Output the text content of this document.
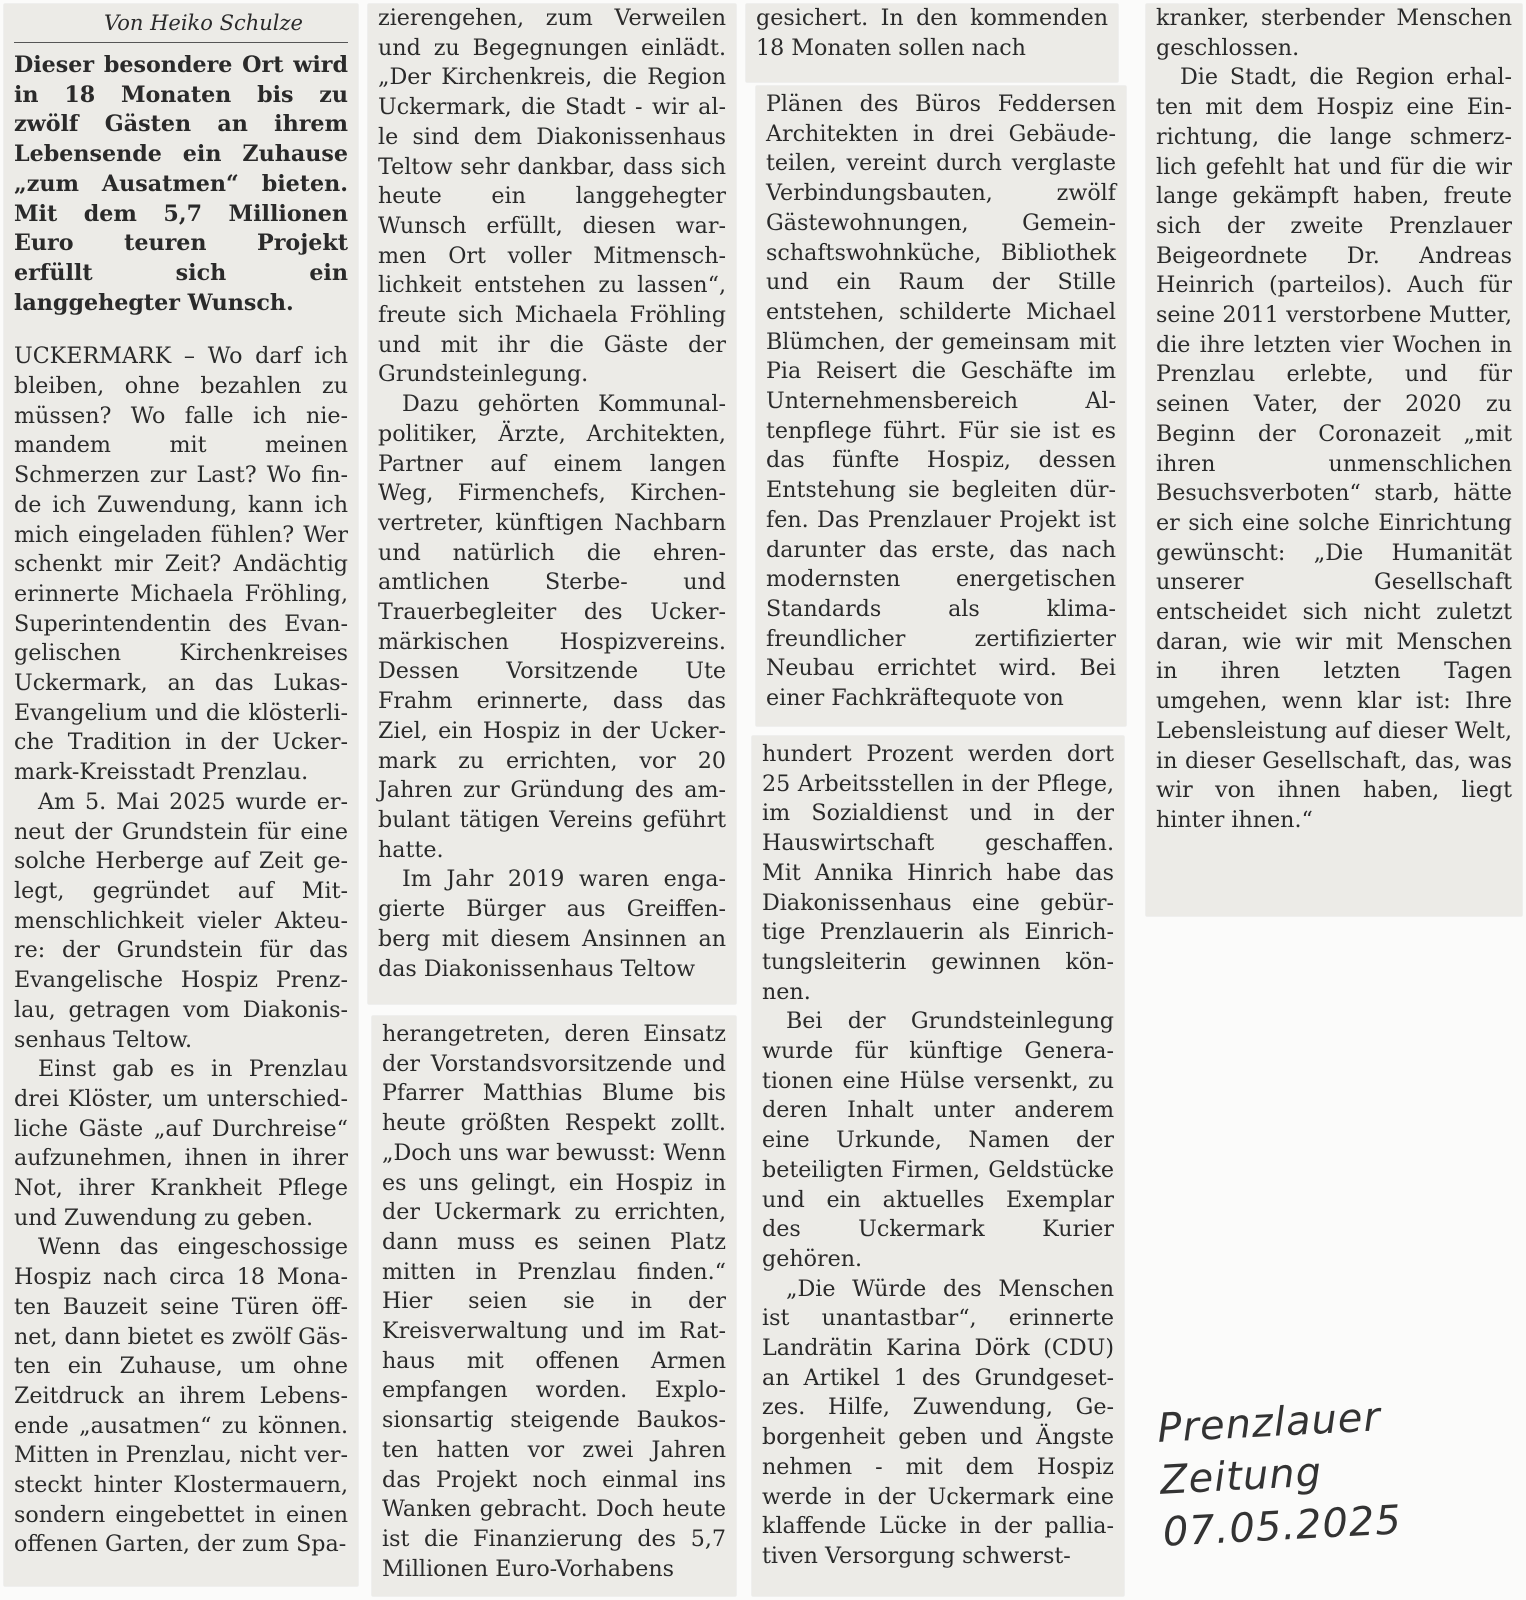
Von Heiko Schulze

Dieser besondere Ort wird in 18 Monaten bis zu zwölf Gästen an ihrem Lebensende ein Zuhause „zum Ausatmen“ bieten. Mit dem 5,7 Millionen Euro teuren Projekt erfüllt sich ein langgehegter Wunsch.

UCKERMARK – Wo darf ich bleiben, ohne bezahlen zu müssen? Wo falle ich niemandem mit meinen Schmerzen zur Last? Wo finde ich Zuwendung, kann ich mich eingeladen fühlen? Wer schenkt mir Zeit? Andächtig erinnerte Michaela Fröhling, Superintendentin des Evangelischen Kirchenkreises Uckermark, an das Lukas-Evangelium und die klösterliche Tradition in der Uckermark-Kreisstadt Prenzlau.

Am 5. Mai 2025 wurde erneut der Grundstein für eine solche Herberge auf Zeit gelegt, gegründet auf Mitmenschlichkeit vieler Akteure: der Grundstein für das Evangelische Hospiz Prenzlau, getragen vom Diakonissenhaus Teltow.

Einst gab es in Prenzlau drei Klöster, um unterschiedliche Gäste „auf Durchreise“ aufzunehmen, ihnen in ihrer Not, ihrer Krankheit Pflege und Zuwendung zu geben.

Wenn das eingeschossige Hospiz nach circa 18 Monaten Bauzeit seine Türen öffnet, dann bietet es zwölf Gästen ein Zuhause, um ohne Zeitdruck an ihrem Lebensende „ausatmen“ zu können. Mitten in Prenzlau, nicht versteckt hinter Klostermauern, sondern eingebettet in einen offenen Garten, der zum Spa-

zierengehen, zum Verweilen und zu Begegnungen einlädt. „Der Kirchenkreis, die Region Uckermark, die Stadt - wir alle sind dem Diakonissenhaus Teltow sehr dankbar, dass sich heute ein langgehegter Wunsch erfüllt, diesen warmen Ort voller Mitmenschlichkeit entstehen zu lassen“, freute sich Michaela Fröhling und mit ihr die Gäste der Grundsteinlegung.

Dazu gehörten Kommunalpolitiker, Ärzte, Architekten, Partner auf einem langen Weg, Firmenchefs, Kirchenvertreter, künftigen Nachbarn und natürlich die ehrenamtlichen Sterbe- und Trauerbegleiter des Uckermärkischen Hospizvereins. Dessen Vorsitzende Ute Frahm erinnerte, dass das Ziel, ein Hospiz in der Uckermark zu errichten, vor 20 Jahren zur Gründung des ambulant tätigen Vereins geführt hatte.

Im Jahr 2019 waren engagierte Bürger aus Greiffenberg mit diesem Ansinnen an das Diakonissenhaus Teltow

herangetreten, deren Einsatz der Vorstandsvorsitzende und Pfarrer Matthias Blume bis heute größten Respekt zollt. „Doch uns war bewusst: Wenn es uns gelingt, ein Hospiz in der Uckermark zu errichten, dann muss es seinen Platz mitten in Prenzlau finden.“ Hier seien sie in der Kreisverwaltung und im Rathaus mit offenen Armen empfangen worden. Explosionsartig steigende Baukosten hatten vor zwei Jahren das Projekt noch einmal ins Wanken gebracht. Doch heute ist die Finanzierung des 5,7 Millionen Euro-Vorhabens

gesichert. In den kommenden 18 Monaten sollen nach

Plänen des Büros Feddersen Architekten in drei Gebäudeteilen, vereint durch verglaste Verbindungsbauten, zwölf Gästewohnungen, Gemeinschaftswohnküche, Bibliothek und ein Raum der Stille entstehen, schilderte Michael Blümchen, der gemeinsam mit Pia Reisert die Geschäfte im Unternehmensbereich Altenpflege führt. Für sie ist es das fünfte Hospiz, dessen Entstehung sie begleiten dürfen. Das Prenzlauer Projekt ist darunter das erste, das nach modernsten energetischen Standards als klimafreundlicher zertifizierter Neubau errichtet wird. Bei einer Fachkräftequote von

hundert Prozent werden dort 25 Arbeitsstellen in der Pflege, im Sozialdienst und in der Hauswirtschaft geschaffen. Mit Annika Hinrich habe das Diakonissenhaus eine gebürtige Prenzlauerin als Einrichtungsleiterin gewinnen können.

Bei der Grundsteinlegung wurde für künftige Generationen eine Hülse versenkt, zu deren Inhalt unter anderem eine Urkunde, Namen der beteiligten Firmen, Geldstücke und ein aktuelles Exemplar des Uckermark Kurier gehören.

„Die Würde des Menschen ist unantastbar“, erinnerte Landrätin Karina Dörk (CDU) an Artikel 1 des Grundgesetzes. Hilfe, Zuwendung, Geborgenheit geben und Ängste nehmen - mit dem Hospiz werde in der Uckermark eine klaffende Lücke in der palliativen Versorgung schwerst-

kranker, sterbender Menschen geschlossen.

Die Stadt, die Region erhalten mit dem Hospiz eine Einrichtung, die lange schmerzlich gefehlt hat und für die wir lange gekämpft haben, freute sich der zweite Prenzlauer Beigeordnete Dr. Andreas Heinrich (parteilos). Auch für seine 2011 verstorbene Mutter, die ihre letzten vier Wochen in Prenzlau erlebte, und für seinen Vater, der 2020 zu Beginn der Coronazeit „mit ihren unmenschlichen Besuchsverboten“ starb, hätte er sich eine solche Einrichtung gewünscht: „Die Humanität unserer Gesellschaft entscheidet sich nicht zuletzt daran, wie wir mit Menschen in ihren letzten Tagen umgehen, wenn klar ist: Ihre Lebensleistung auf dieser Welt, in dieser Gesellschaft, das, was wir von ihnen haben, liegt hinter ihnen.“

Prenzlauer
Zeitung
07.05.2025
